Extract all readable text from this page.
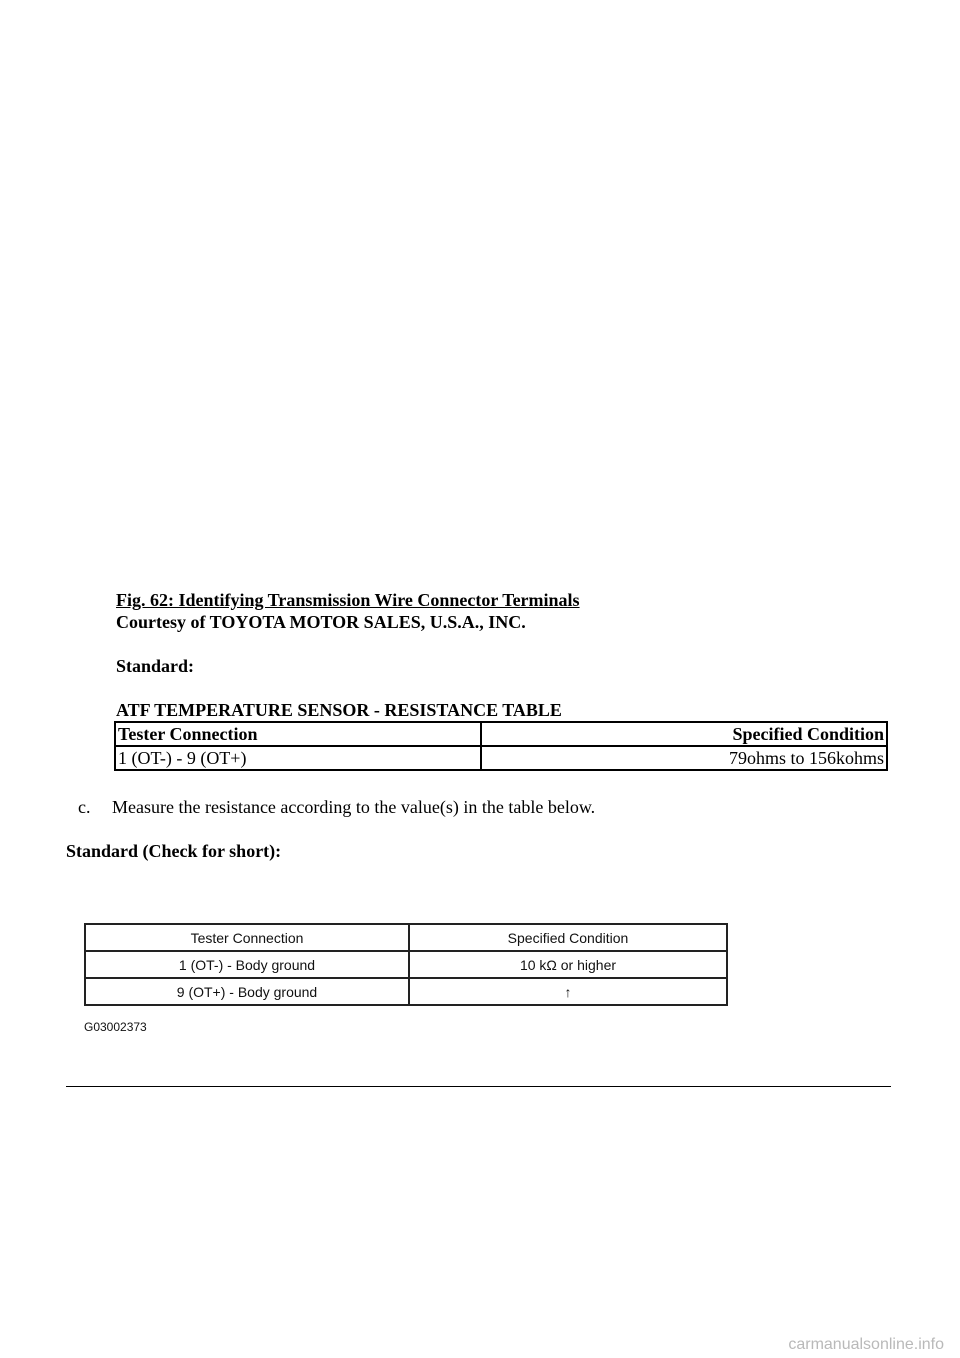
Fig. 62: Identifying Transmission Wire Connector Terminals
Courtesy of TOYOTA MOTOR SALES, U.S.A., INC.
Standard:
ATF TEMPERATURE SENSOR - RESISTANCE TABLE
Tester Connection	Specified Condition
1 (OT-) - 9 (OT+)	79ohms to 156kohms
c. Measure the resistance according to the value(s) in the table below.
Standard (Check for short):
Tester Connection	Specified Condition
1 (OT-) - Body ground	10 kΩ or higher
9 (OT+) - Body ground	↑
G03002373
carmanualsonline.info
